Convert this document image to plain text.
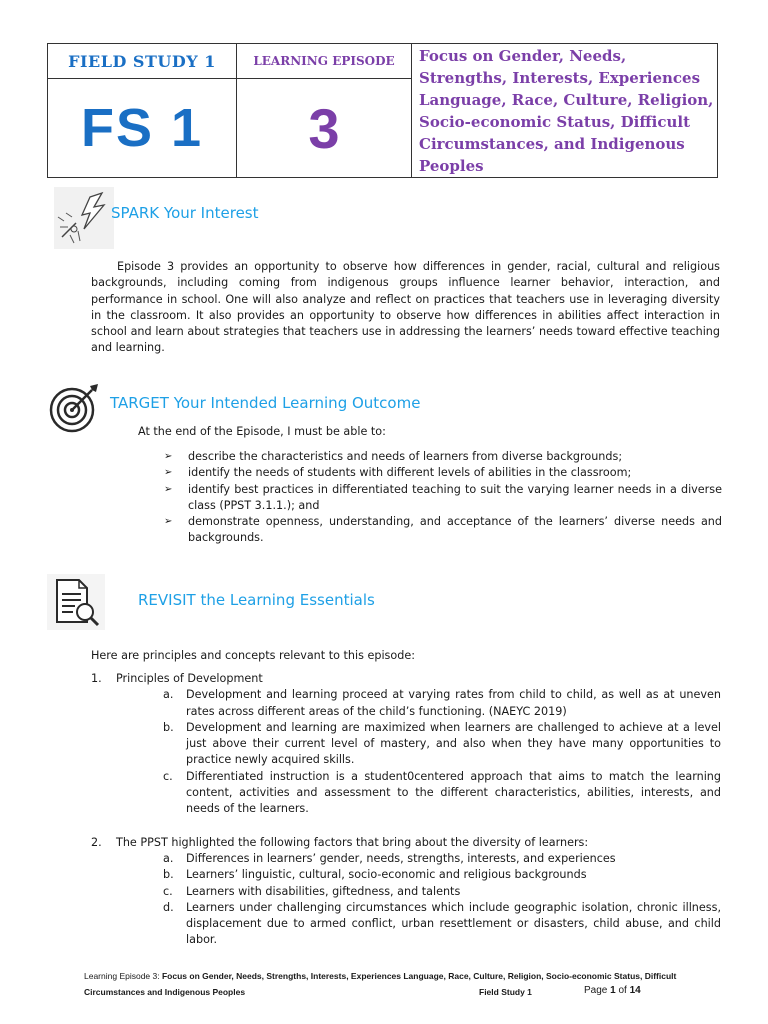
FIELD STUDY 1	LEARNING EPISODE
FS 1	3
Focus on Gender, Needs, Strengths, Interests, Experiences Language, Race, Culture, Religion, Socio-economic Status, Difficult Circumstances, and Indigenous Peoples
SPARK Your Interest
Episode 3 provides an opportunity to observe how differences in gender, racial, cultural and religious backgrounds, including coming from indigenous groups influence learner behavior, interaction, and performance in school. One will also analyze and reflect on practices that teachers use in leveraging diversity in the classroom. It also provides an opportunity to observe how differences in abilities affect interaction in school and learn about strategies that teachers use in addressing the learners’ needs toward effective teaching and learning.
TARGET Your Intended Learning Outcome
At the end of the Episode, I must be able to:
➢ describe the characteristics and needs of learners from diverse backgrounds;
➢ identify the needs of students with different levels of abilities in the classroom;
➢ identify best practices in differentiated teaching to suit the varying learner needs in a diverse class (PPST 3.1.1.); and
➢ demonstrate openness, understanding, and acceptance of the learners’ diverse needs and backgrounds.
REVISIT the Learning Essentials
Here are principles and concepts relevant to this episode:
1. Principles of Development
a. Development and learning proceed at varying rates from child to child, as well as at uneven rates across different areas of the child’s functioning. (NAEYC 2019)
b. Development and learning are maximized when learners are challenged to achieve at a level just above their current level of mastery, and also when they have many opportunities to practice newly acquired skills.
c. Differentiated instruction is a student0centered approach that aims to match the learning content, activities and assessment to the different characteristics, abilities, interests, and needs of the learners.
2. The PPST highlighted the following factors that bring about the diversity of learners:
a. Differences in learners’ gender, needs, strengths, interests, and experiences
b. Learners’ linguistic, cultural, socio-economic and religious backgrounds
c. Learners with disabilities, giftedness, and talents
d. Learners under challenging circumstances which include geographic isolation, chronic illness, displacement due to armed conflict, urban resettlement or disasters, child abuse, and child labor.
Learning Episode 3: Focus on Gender, Needs, Strengths, Interests, Experiences Language, Race, Culture, Religion, Socio-economic Status, Difficult
Circumstances and Indigenous Peoples	Field Study 1	Page 1 of 14
